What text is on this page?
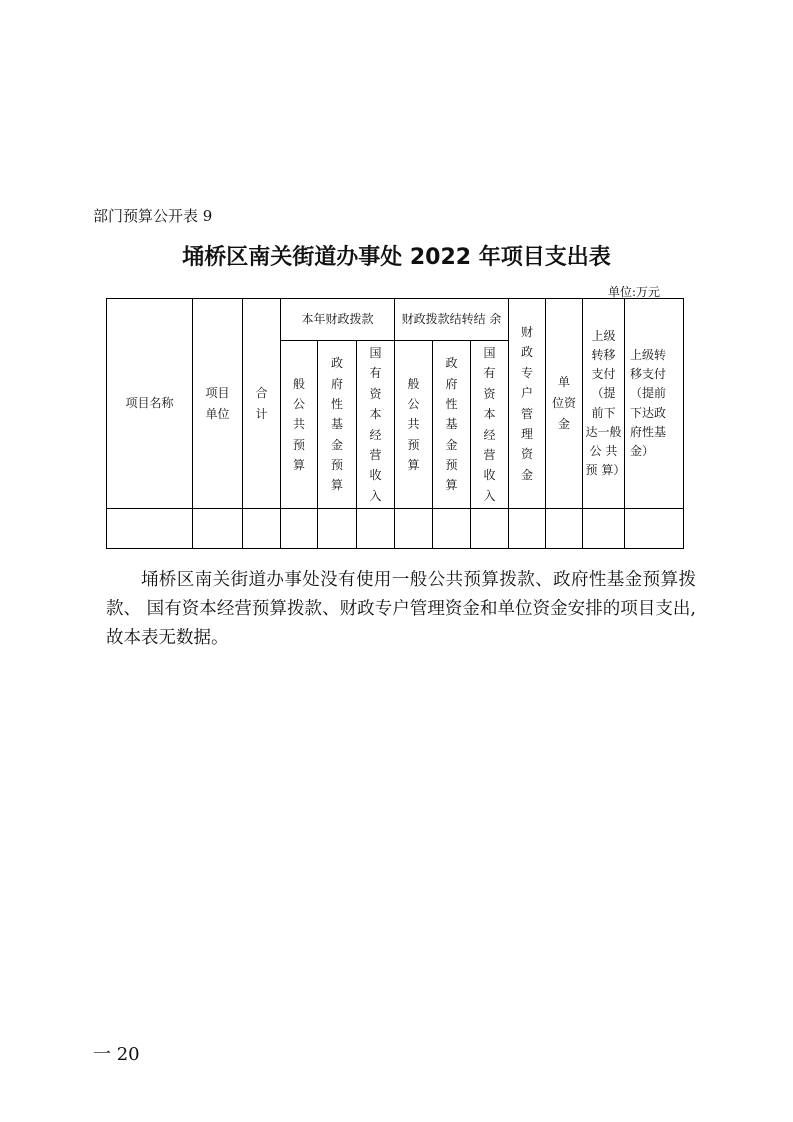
部门预算公开表 9
埇桥区南关街道办事处 2022 年项目支出表
单位:万元
项目名称	项目 单位	合计	本年财政拨款			财政拨款结转结 余			财政专户管理资金	单 位资 金	上级 转移 支付（提 前下 达一般公 共预 算）	上级转 移支付（提前 下达政 府性基金）
			般公共预算	政府性基金预算	国有资本经营收入	般公共预算	政府性基金预算	国有资本经营收入				

埇桥区南关街道办事处没有使用一般公共预算拨款、政府性基金预算拨款、 国有资本经营预算拨款、财政专户管理资金和单位资金安排的项目支出,故本表无数据。
一 20
